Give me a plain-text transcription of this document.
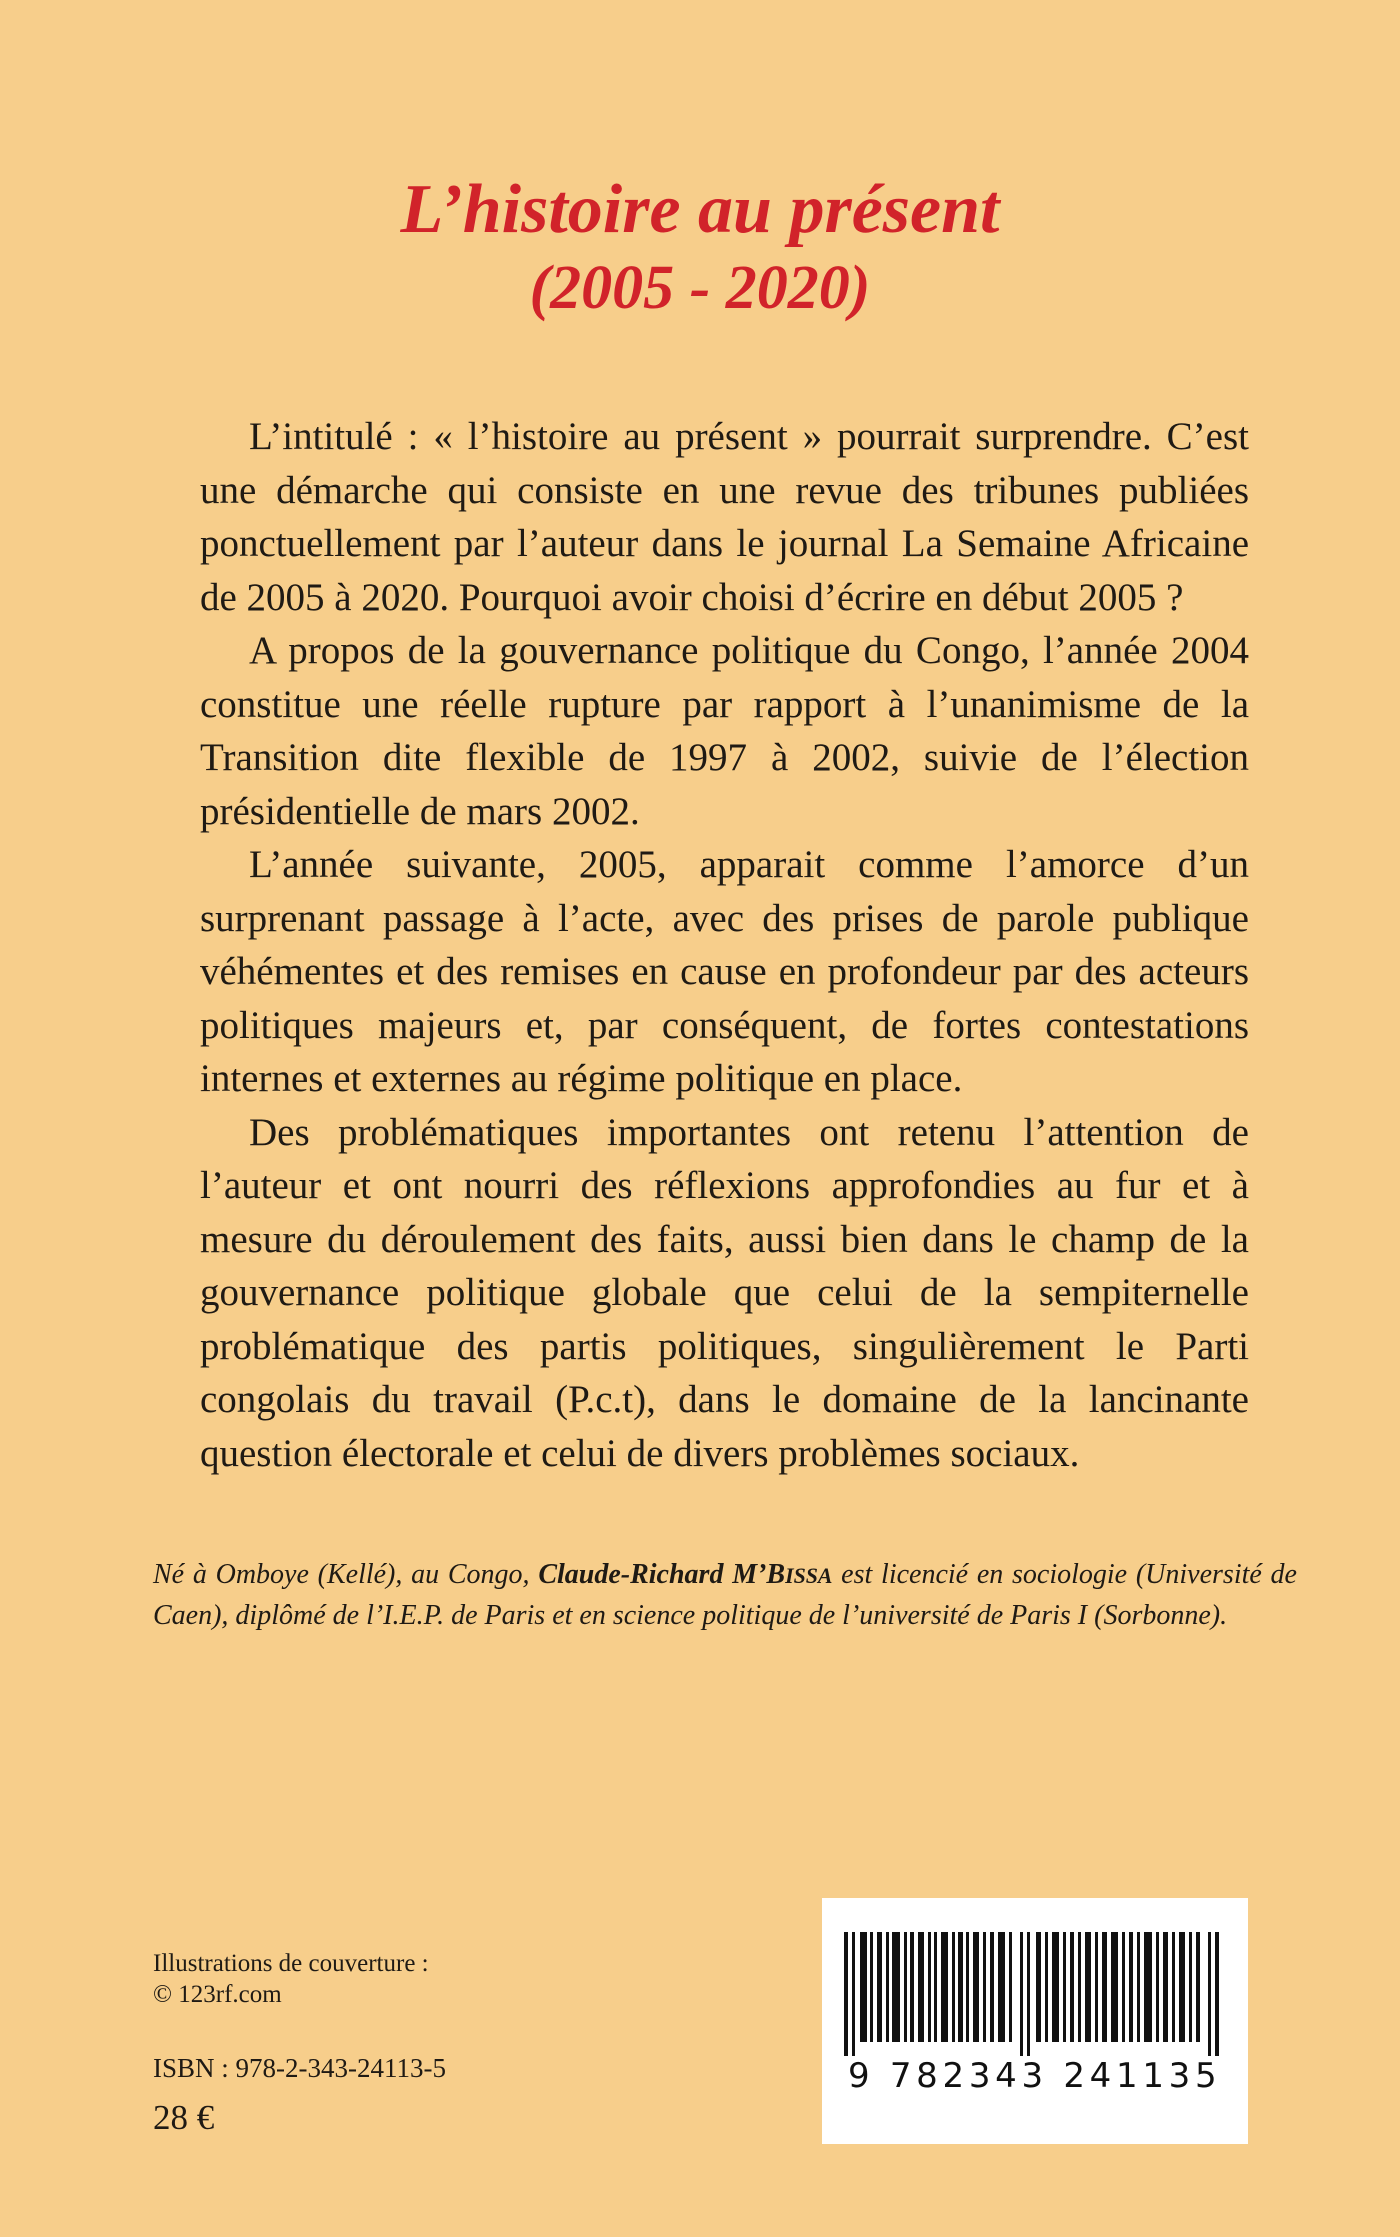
L’histoire au présent
(2005 - 2020)

L’intitulé : « l’histoire au présent » pourrait surprendre. C’est une démarche qui consiste en une revue des tribunes publiées ponctuellement par l’auteur dans le journal La Semaine Africaine de 2005 à 2020. Pourquoi avoir choisi d’écrire en début 2005 ?

A propos de la gouvernance politique du Congo, l’année 2004 constitue une réelle rupture par rapport à l’unanimisme de la Transition dite flexible de 1997 à 2002, suivie de l’élection présidentielle de mars 2002.

L’année suivante, 2005, apparait comme l’amorce d’un surprenant passage à l’acte, avec des prises de parole publique véhémentes et des remises en cause en profondeur par des acteurs politiques majeurs et, par conséquent, de fortes contestations internes et externes au régime politique en place.

Des problématiques importantes ont retenu l’attention de l’auteur et ont nourri des réflexions approfondies au fur et à mesure du déroulement des faits, aussi bien dans le champ de la gouvernance politique globale que celui de la sempiternelle problématique des partis politiques, singulièrement le Parti congolais du travail (P.c.t), dans le domaine de la lancinante question électorale et celui de divers problèmes sociaux.

Né à Omboye (Kellé), au Congo, Claude-Richard M’BISSA est licencié en sociologie (Université de Caen), diplômé de l’I.E.P. de Paris et en science politique de l’université de Paris I (Sorbonne).
Illustrations de couverture :
© 123rf.com
ISBN : 978-2-343-24113-5
28 €
9 782343 241135
